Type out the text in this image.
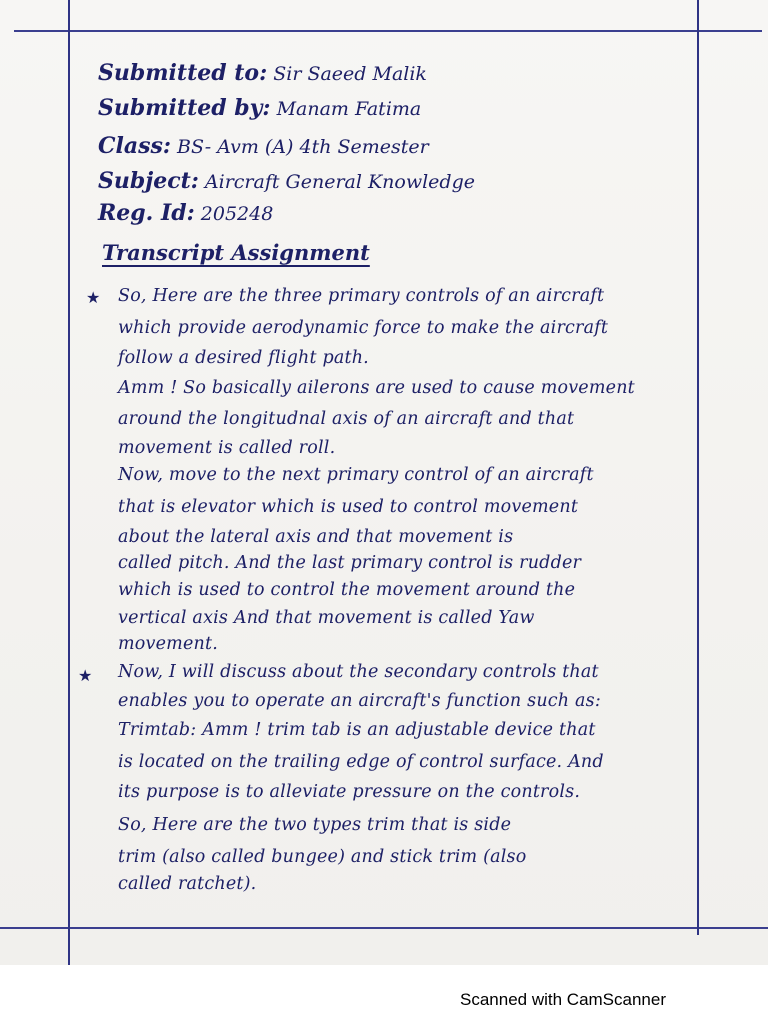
Submitted to: Sir Saeed Malik
Submitted by: Manam Fatima
Class: BS- Avm (A) 4th Semester
Subject: Aircraft General Knowledge
Reg. Id: 205248
Transcript Assignment
★
★
So, Here are the three primary controls of an aircraft
which provide aerodynamic force to make the aircraft
follow a desired flight path.
Amm ! So basically ailerons are used to cause movement
around the longitudnal axis of an aircraft and that
movement is called roll.
Now, move to the next primary control of an aircraft
that is elevator which is used to control movement
about the lateral axis and that movement is
called pitch. And the last primary control is rudder
which is used to control the movement around the
vertical axis And that movement is called Yaw
movement.
Now, I will discuss about the secondary controls that
enables you to operate an aircraft's function such as:
Trimtab: Amm ! trim tab is an adjustable device that
is located on the trailing edge of control surface. And
its purpose is to alleviate pressure on the controls.
So, Here are the two types trim that is side
trim (also called bungee) and stick trim (also
called ratchet).
Scanned with CamScanner
